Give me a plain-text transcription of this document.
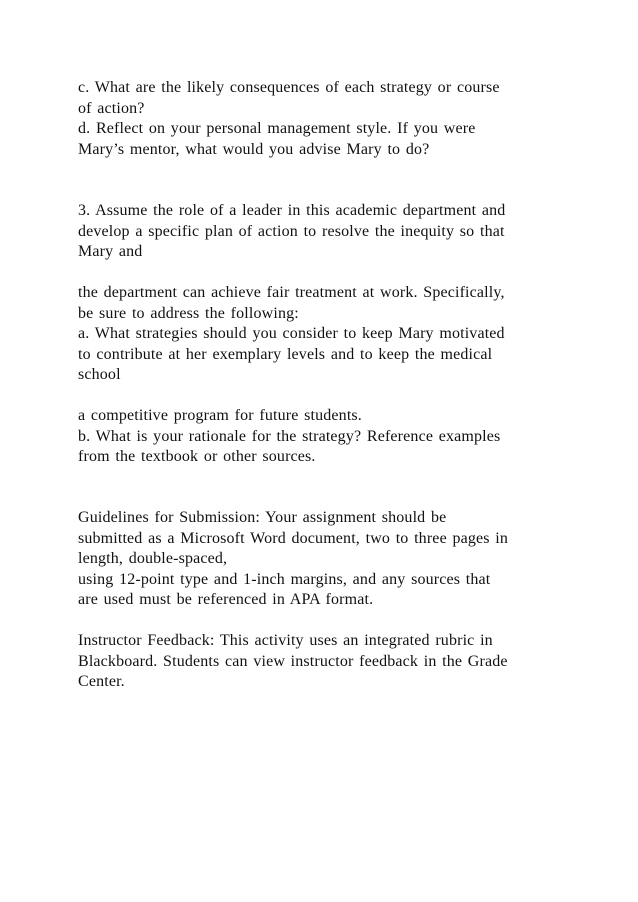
c. What are the likely consequences of each strategy or course

of action?

d. Reflect on your personal management style. If you were

Mary’s mentor, what would you advise Mary to do?

3. Assume the role of a leader in this academic department and

develop a specific plan of action to resolve the inequity so that

Mary and

the department can achieve fair treatment at work. Specifically,

be sure to address the following:

a. What strategies should you consider to keep Mary motivated

to contribute at her exemplary levels and to keep the medical

school

a competitive program for future students.

b. What is your rationale for the strategy? Reference examples

from the textbook or other sources.

Guidelines for Submission: Your assignment should be

submitted as a Microsoft Word document, two to three pages in

length, double-spaced,

using 12-point type and 1-inch margins, and any sources that

are used must be referenced in APA format.

Instructor Feedback: This activity uses an integrated rubric in

Blackboard. Students can view instructor feedback in the Grade

Center.
